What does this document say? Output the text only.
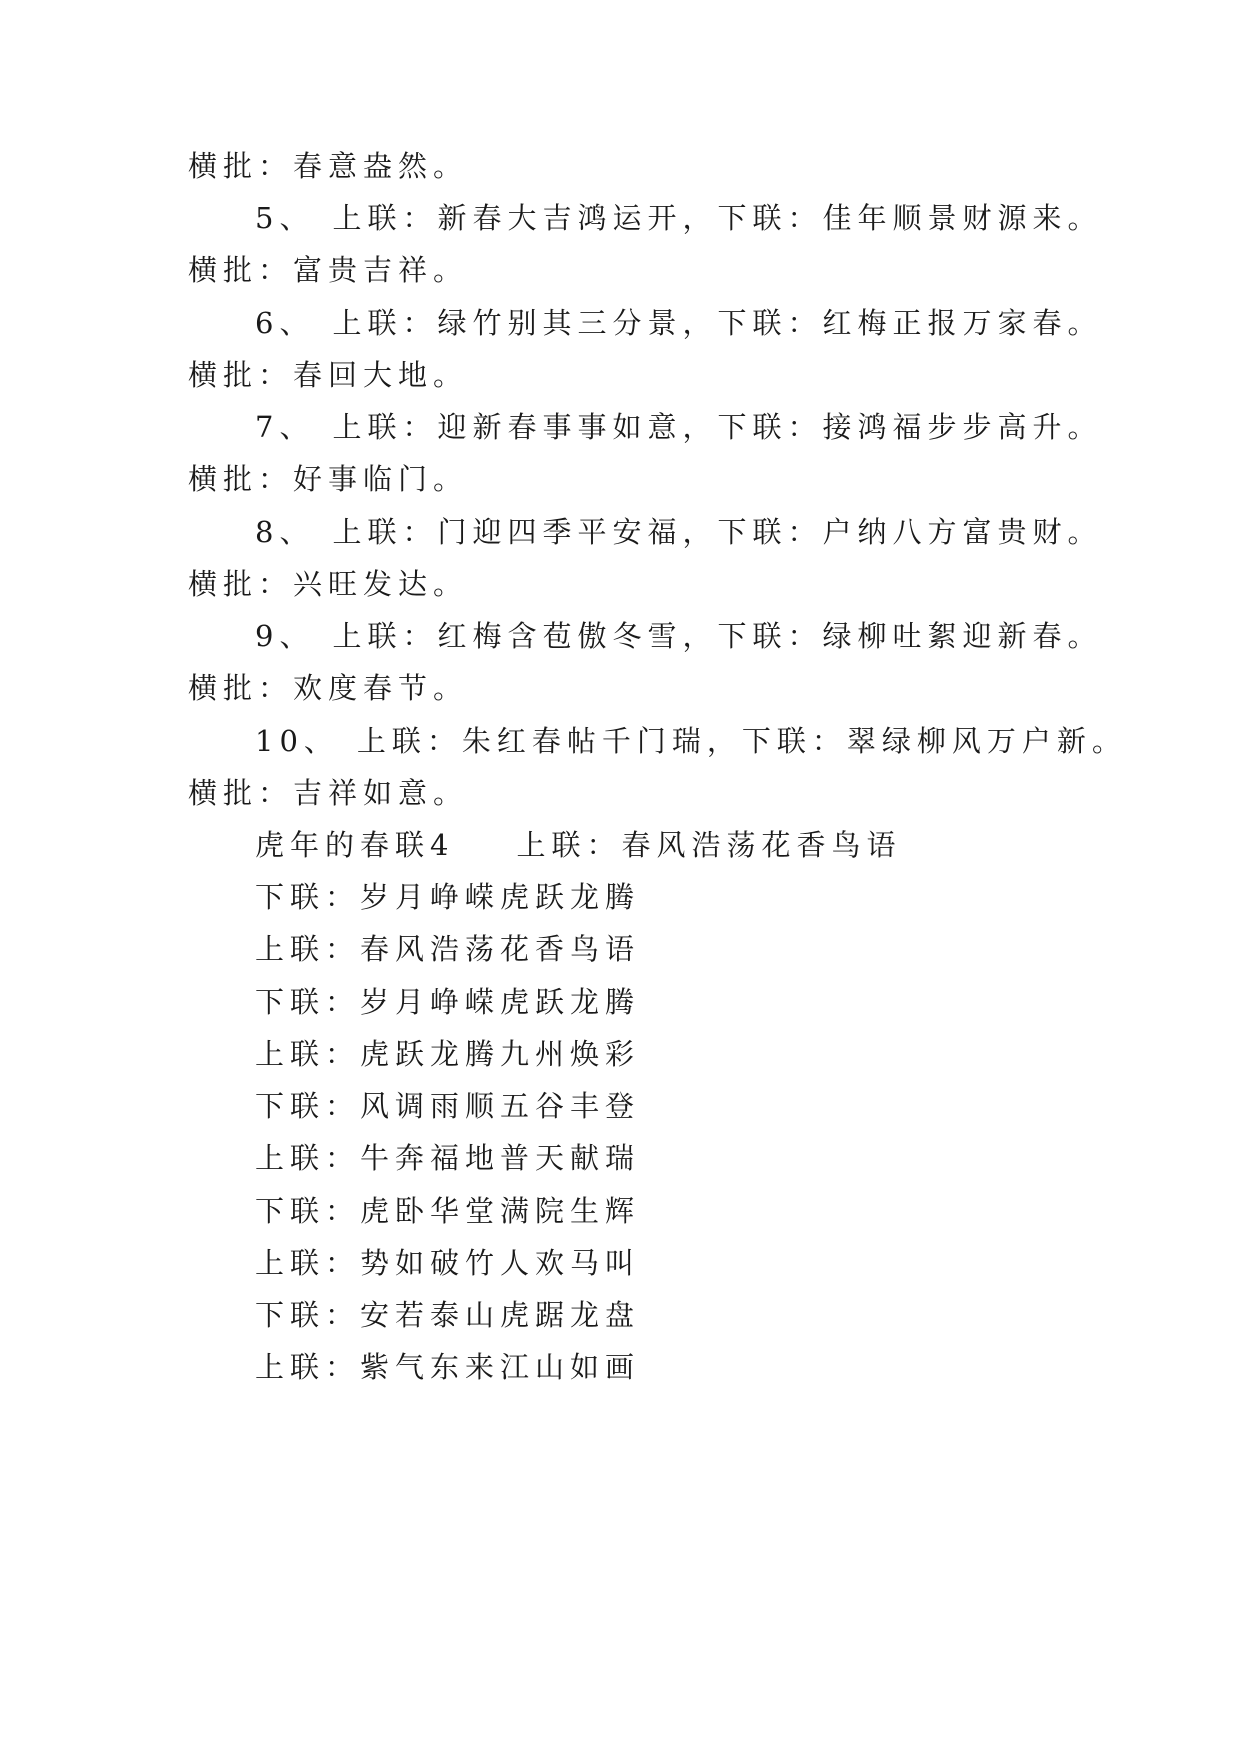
横批：春意盎然。
5、 上联：新春大吉鸿运开，下联：佳年顺景财源来。
横批：富贵吉祥。
6、 上联：绿竹别其三分景，下联：红梅正报万家春。
横批：春回大地。
7、 上联：迎新春事事如意，下联：接鸿福步步高升。
横批：好事临门。
8、 上联：门迎四季平安福，下联：户纳八方富贵财。
横批：兴旺发达。
9、 上联：红梅含苞傲冬雪，下联：绿柳吐絮迎新春。
横批：欢度春节。
10、 上联：朱红春帖千门瑞，下联：翠绿柳风万户新。
横批：吉祥如意。
虎年的春联4 上联：春风浩荡花香鸟语
下联：岁月峥嵘虎跃龙腾
上联：春风浩荡花香鸟语
下联：岁月峥嵘虎跃龙腾
上联：虎跃龙腾九州焕彩
下联：风调雨顺五谷丰登
上联：牛奔福地普天献瑞
下联：虎卧华堂满院生辉
上联：势如破竹人欢马叫
下联：安若泰山虎踞龙盘
上联：紫气东来江山如画
